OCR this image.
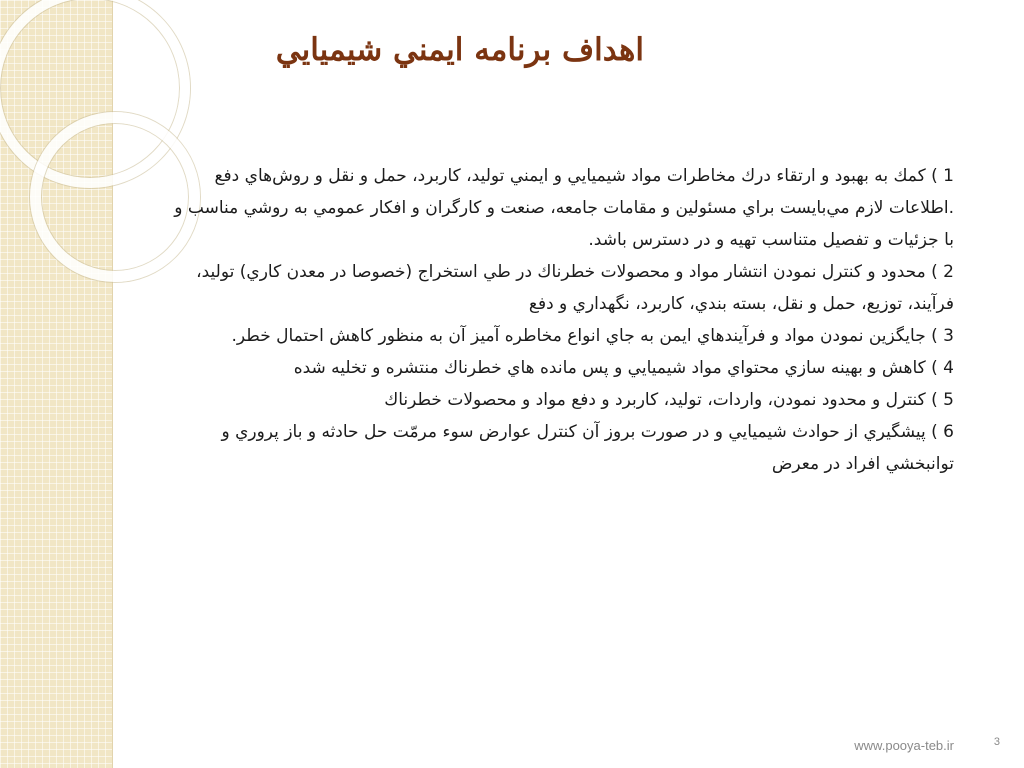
اهداف برنامه ايمني شيميايي
1 ) كمك به بهبود و ارتقاء درك مخاطرات مواد شيميايي و ايمني توليد، كاربرد، حمل و نقل و روش‌هاي دفع .اطلاعات لازم مي‌بايست براي مسئولين و مقامات جامعه، صنعت و كارگران و افكار عمومي به روشي مناسب و با جزئيات و تفصيل متناسب تهيه و در دسترس باشد.
2 ) محدود و كنترل نمودن انتشار مواد و محصولات خطرناك در طي استخراج (خصوصا در معدن كاري) توليد، فرآيند، توزيع، حمل و نقل، بسته بندي، كاربرد، نگهداري و دفع
3 ) جايگزين نمودن مواد و فرآيندهاي ايمن به جاي انواع مخاطره آميز آن به منظور كاهش احتمال خطر.
4 ) كاهش و بهينه سازي محتواي مواد شيميايي و پس مانده هاي خطرناك منتشره و تخليه شده
5 ) كنترل و محدود نمودن، واردات، توليد، كاربرد و دفع مواد و محصولات خطرناك
6 ) پيشگيري از حوادث شيميايي و در صورت بروز آن كنترل عوارض سوء مرمّت حل حادثه و باز پروري و توانبخشي افراد در معرض
www.pooya-teb.ir	3
